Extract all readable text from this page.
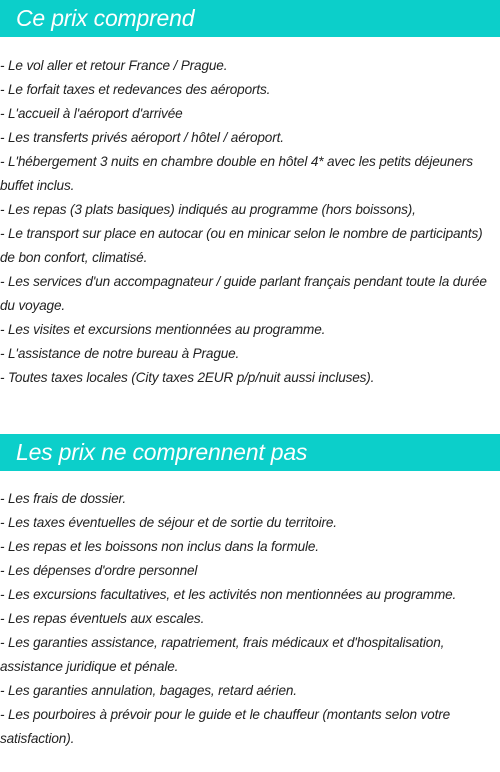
Ce prix comprend
- Le vol aller et retour France / Prague.
- Le forfait taxes et redevances des aéroports.
- L'accueil à l'aéroport d'arrivée
- Les transferts privés aéroport / hôtel / aéroport.
- L'hébergement 3 nuits en chambre double en hôtel 4* avec les petits déjeuners buffet inclus.
- Les repas (3 plats basiques) indiqués au programme (hors boissons),
- Le transport sur place en autocar (ou en minicar selon le nombre de participants) de bon confort, climatisé.
- Les services d'un accompagnateur / guide parlant français pendant toute la durée du voyage.
- Les visites et excursions mentionnées au programme.
- L'assistance de notre bureau à Prague.
- Toutes taxes locales (City taxes 2EUR p/p/nuit aussi incluses).
Les prix ne comprennent pas
- Les frais de dossier.
- Les taxes éventuelles de séjour et de sortie du territoire.
- Les repas et les boissons non inclus dans la formule.
- Les dépenses d'ordre personnel
- Les excursions facultatives, et les activités non mentionnées au programme.
- Les repas éventuels aux escales.
- Les garanties assistance, rapatriement, frais médicaux et d'hospitalisation, assistance juridique et pénale.
- Les garanties annulation, bagages, retard aérien.
- Les pourboires à prévoir pour le guide et le chauffeur (montants selon votre satisfaction).
